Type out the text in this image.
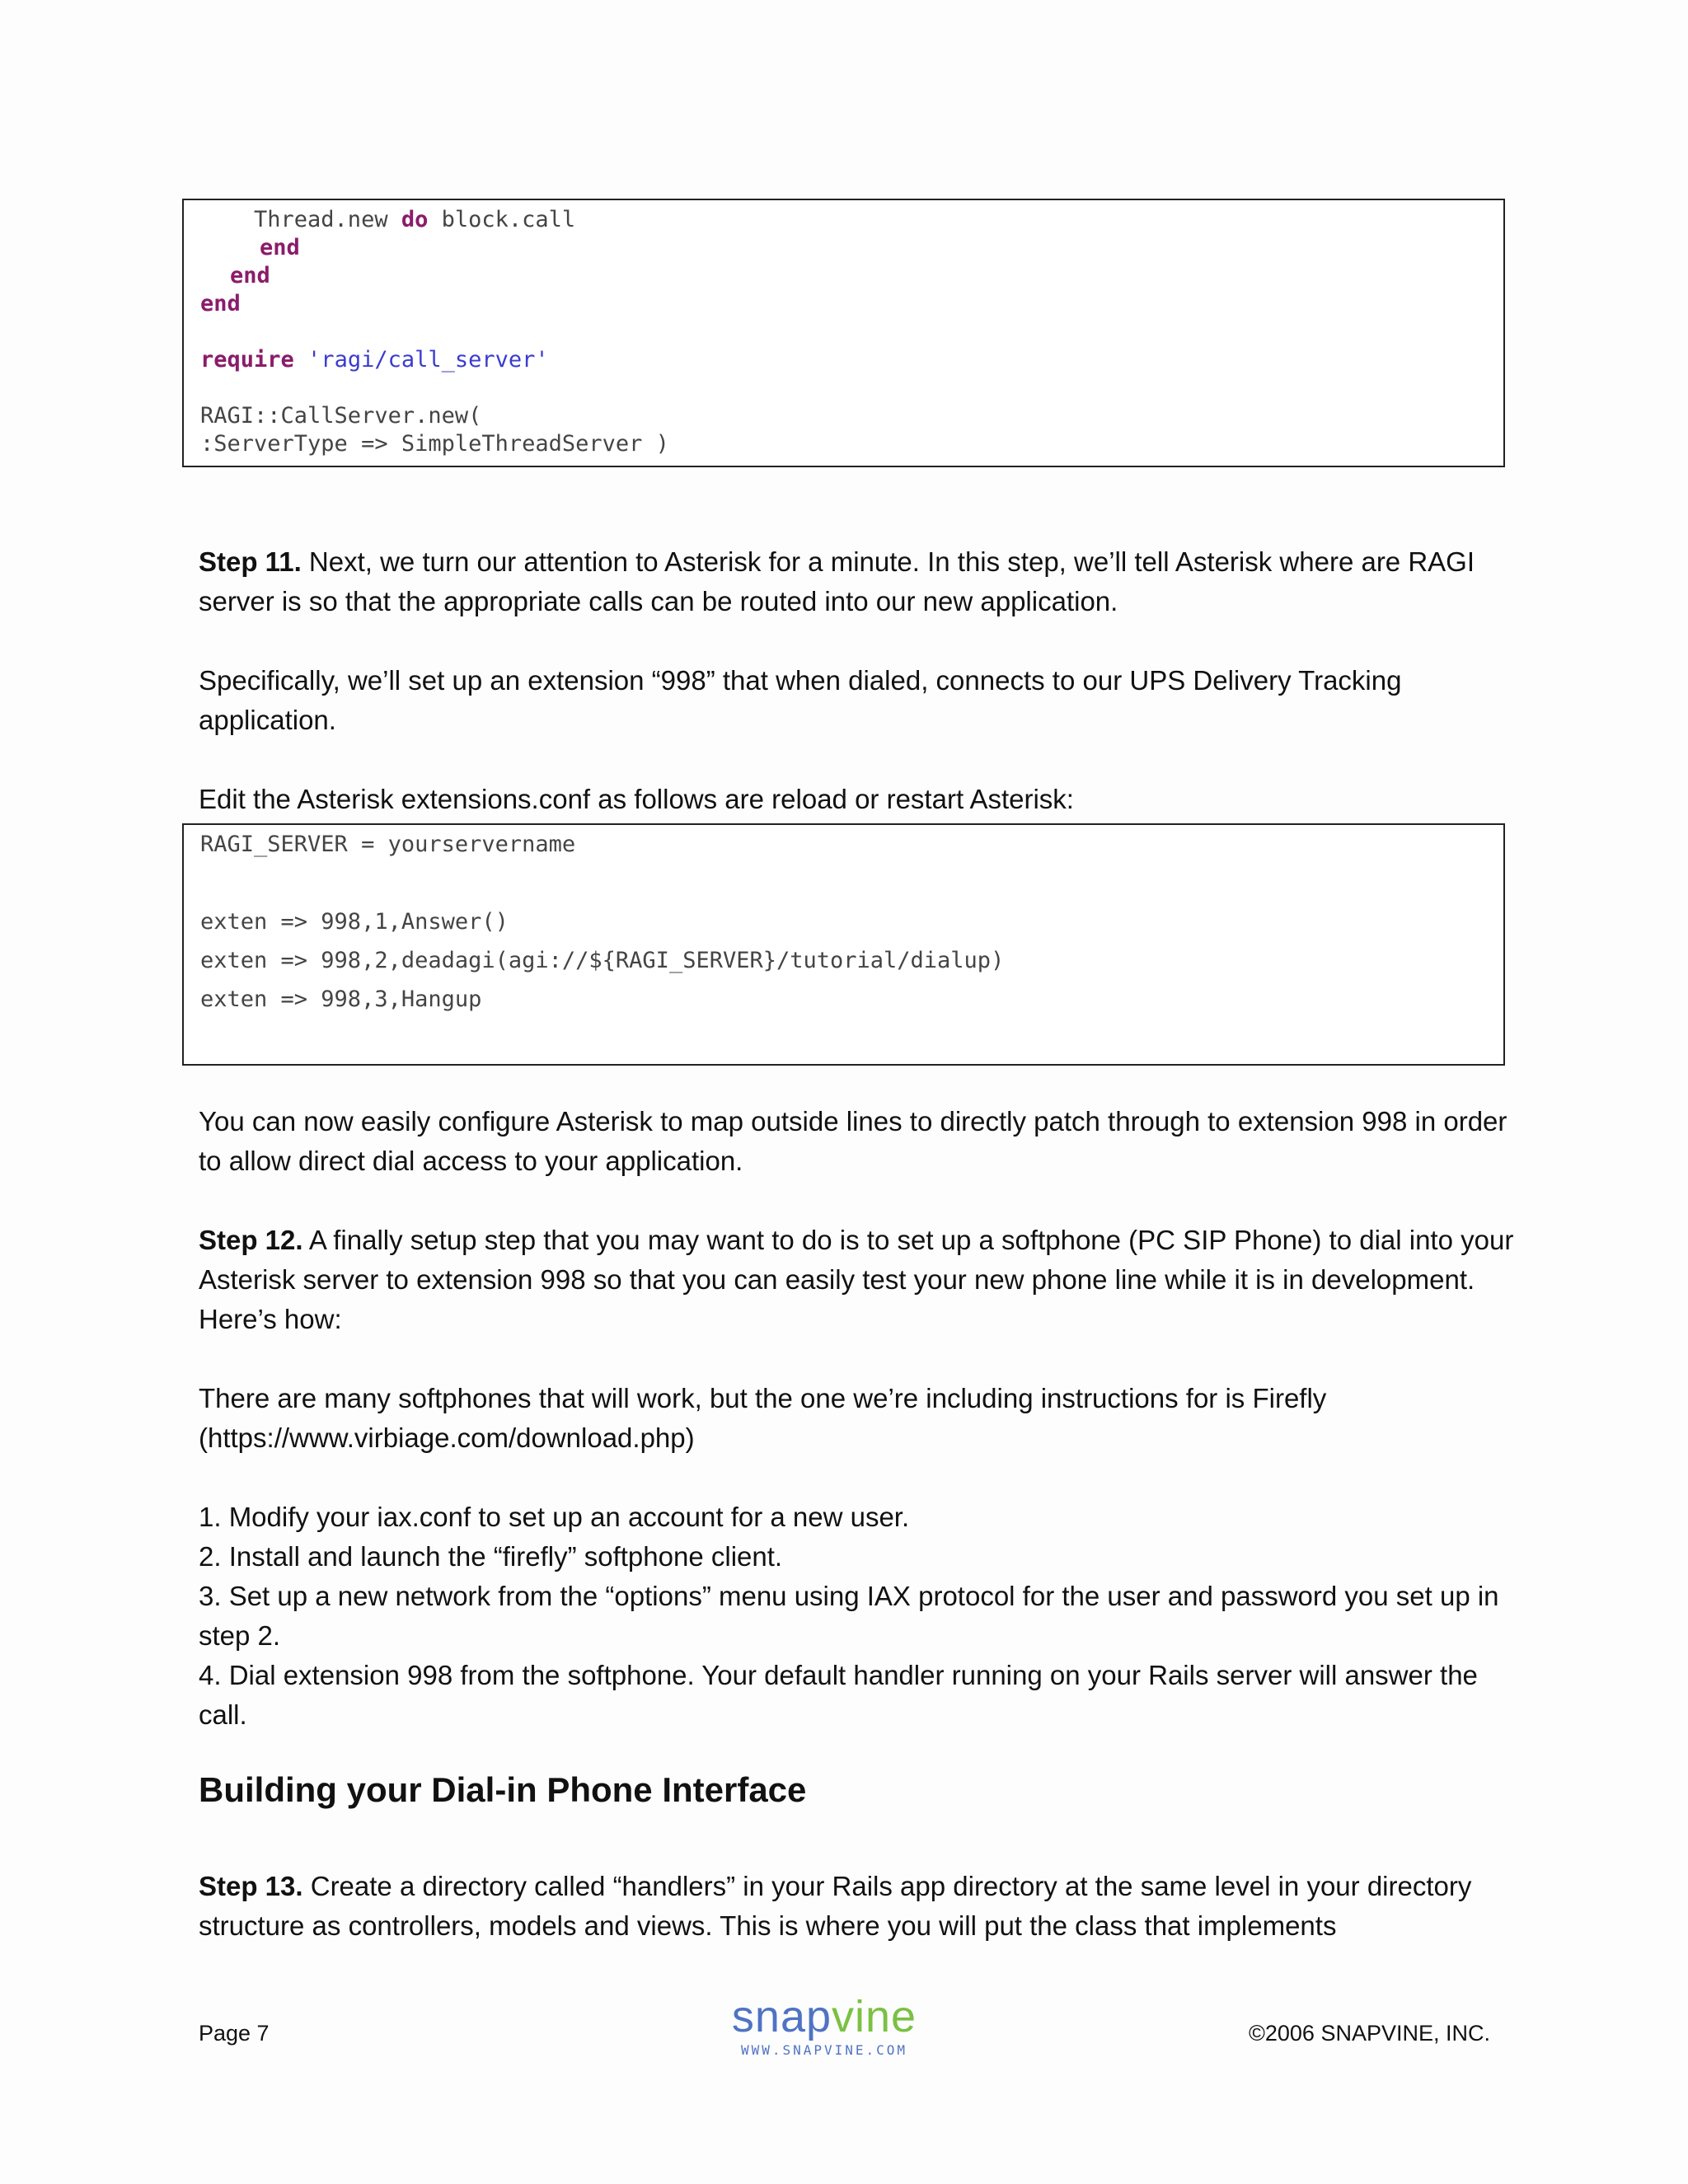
Thread.new do block.call
end
end
end
require 'ragi/call_server'
RAGI::CallServer.new(
:ServerType => SimpleThreadServer )

Step 11. Next, we turn our attention to Asterisk for a minute. In this step, we’ll tell Asterisk where are RAGI server is so that the appropriate calls can be routed into our new application.

Specifically, we’ll set up an extension “998” that when dialed, connects to our UPS Delivery Tracking application.

Edit the Asterisk extensions.conf as follows are reload or restart Asterisk:

RAGI_SERVER = yourservername
exten => 998,1,Answer()
exten => 998,2,deadagi(agi://${RAGI_SERVER}/tutorial/dialup)
exten => 998,3,Hangup

You can now easily configure Asterisk to map outside lines to directly patch through to extension 998 in order to allow direct dial access to your application.

Step 12. A finally setup step that you may want to do is to set up a softphone (PC SIP Phone) to dial into your Asterisk server to extension 998 so that you can easily test your new phone line while it is in development. Here’s how:

There are many softphones that will work, but the one we’re including instructions for is Firefly (https://www.virbiage.com/download.php)

1. Modify your iax.conf to set up an account for a new user.

2. Install and launch the “firefly” softphone client.

3. Set up a new network from the “options” menu using IAX protocol for the user and password you set up in step 2.

4. Dial extension 998 from the softphone. Your default handler running on your Rails server will answer the call.

Building your Dial-in Phone Interface

Step 13. Create a directory called “handlers” in your Rails app directory at the same level in your directory structure as controllers, models and views. This is where you will put the class that implements

Page 7	snapvine
WWW.SNAPVINE.COM
©2006 SNAPVINE, INC.
